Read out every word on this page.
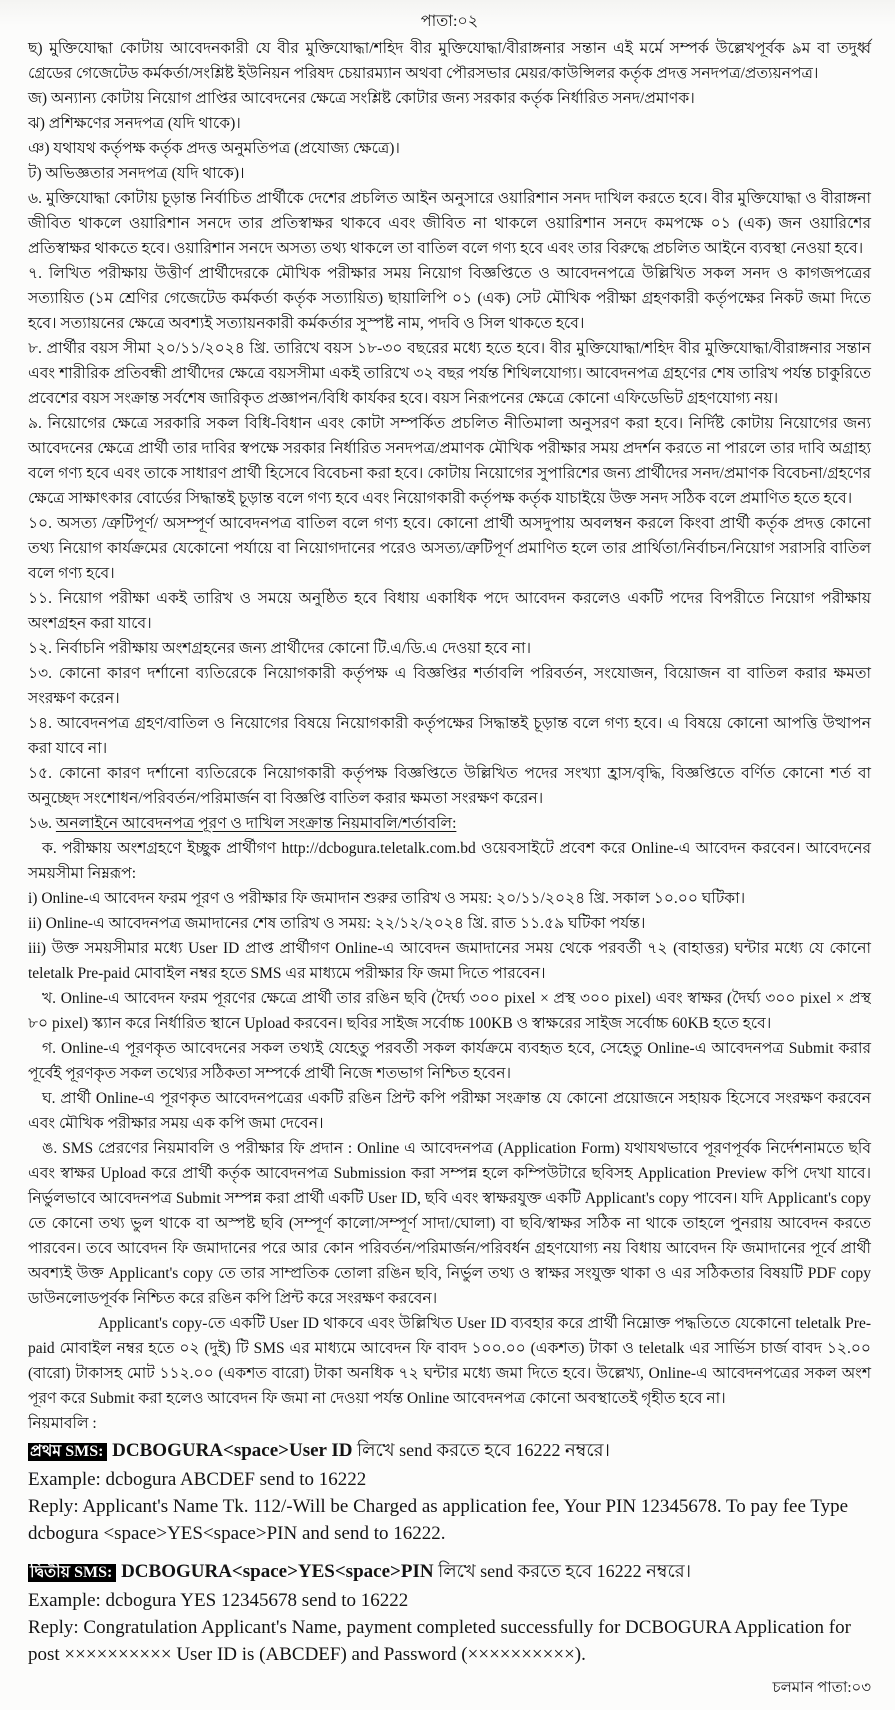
পাতা:০২
ছ) মুক্তিযোদ্ধা কোটায় আবেদনকারী যে বীর মুক্তিযোদ্ধা/শহিদ বীর মুক্তিযোদ্ধা/বীরাঙ্গনার সন্তান এই মর্মে সম্পর্ক উল্লেখপূর্বক ৯ম বা তদুর্ধ্ব গ্রেডের গেজেটেড কর্মকর্তা/সংশ্লিষ্ট ইউনিয়ন পরিষদ চেয়ারম্যান অথবা পৌরসভার মেয়র/কাউন্সিলর কর্তৃক প্রদত্ত সনদপত্র/প্রত্যয়নপত্র।
জ) অন্যান্য কোটায় নিয়োগ প্রাপ্তির আবেদনের ক্ষেত্রে সংশ্লিষ্ট কোটার জন্য সরকার কর্তৃক নির্ধারিত সনদ/প্রমাণক।
ঝ) প্রশিক্ষণের সনদপত্র (যদি থাকে)।
ঞ) যথাযথ কর্তৃপক্ষ কর্তৃক প্রদত্ত অনুমতিপত্র (প্রযোজ্য ক্ষেত্রে)।
ট) অভিজ্ঞতার সনদপত্র (যদি থাকে)।
৬. মুক্তিযোদ্ধা কোটায় চূড়ান্ত নির্বাচিত প্রার্থীকে দেশের প্রচলিত আইন অনুসারে ওয়ারিশান সনদ দাখিল করতে হবে। বীর মুক্তিযোদ্ধা ও বীরাঙ্গনা জীবিত থাকলে ওয়ারিশান সনদে তার প্রতিস্বাক্ষর থাকবে এবং জীবিত না থাকলে ওয়ারিশান সনদে কমপক্ষে ০১ (এক) জন ওয়ারিশের প্রতিস্বাক্ষর থাকতে হবে। ওয়ারিশান সনদে অসত্য তথ্য থাকলে তা বাতিল বলে গণ্য হবে এবং তার বিরুদ্ধে প্রচলিত আইনে ব্যবস্থা নেওয়া হবে।
৭. লিখিত পরীক্ষায় উত্তীর্ণ প্রার্থীদেরকে মৌখিক পরীক্ষার সময় নিয়োগ বিজ্ঞপ্তিতে ও আবেদনপত্রে উল্লিখিত সকল সনদ ও কাগজপত্রের সত্যায়িত (১ম শ্রেণির গেজেটেড কর্মকর্তা কর্তৃক সত্যায়িত) ছায়ালিপি ০১ (এক) সেট মৌখিক পরীক্ষা গ্রহণকারী কর্তৃপক্ষের নিকট জমা দিতে হবে। সত্যায়নের ক্ষেত্রে অবশ্যই সত্যায়নকারী কর্মকর্তার সুস্পষ্ট নাম, পদবি ও সিল থাকতে হবে।
৮. প্রার্থীর বয়স সীমা ২০/১১/২০২৪ খ্রি. তারিখে বয়স ১৮-৩০ বছরের মধ্যে হতে হবে। বীর মুক্তিযোদ্ধা/শহিদ বীর মুক্তিযোদ্ধা/বীরাঙ্গনার সন্তান এবং শারীরিক প্রতিবন্ধী প্রার্থীদের ক্ষেত্রে বয়সসীমা একই তারিখে ৩২ বছর পর্যন্ত শিথিলযোগ্য। আবেদনপত্র গ্রহণের শেষ তারিখ পর্যন্ত চাকুরিতে প্রবেশের বয়স সংক্রান্ত সর্বশেষ জারিকৃত প্রজ্ঞাপন/বিধি কার্যকর হবে। বয়স নিরূপনের ক্ষেত্রে কোনো এফিডেভিট গ্রহণযোগ্য নয়।
৯. নিয়োগের ক্ষেত্রে সরকারি সকল বিধি-বিধান এবং কোটা সম্পর্কিত প্রচলিত নীতিমালা অনুসরণ করা হবে। নির্দিষ্ট কোটায় নিয়োগের জন্য আবেদনের ক্ষেত্রে প্রার্থী তার দাবির স্বপক্ষে সরকার নির্ধারিত সনদপত্র/প্রমাণক মৌখিক পরীক্ষার সময় প্রদর্শন করতে না পারলে তার দাবি অগ্রাহ্য বলে গণ্য হবে এবং তাকে সাধারণ প্রার্থী হিসেবে বিবেচনা করা হবে। কোটায় নিয়োগের সুপারিশের জন্য প্রার্থীদের সনদ/প্রমাণক বিবেচনা/গ্রহণের ক্ষেত্রে সাক্ষাৎকার বোর্ডের সিদ্ধান্তই চূড়ান্ত বলে গণ্য হবে এবং নিয়োগকারী কর্তৃপক্ষ কর্তৃক যাচাইয়ে উক্ত সনদ সঠিক বলে প্রমাণিত হতে হবে।
১০. অসত্য /ত্রুটিপূর্ণ/ অসম্পূর্ণ আবেদনপত্র বাতিল বলে গণ্য হবে। কোনো প্রার্থী অসদুপায় অবলম্বন করলে কিংবা প্রার্থী কর্তৃক প্রদত্ত কোনো তথ্য নিয়োগ কার্যক্রমের যেকোনো পর্যায়ে বা নিয়োগদানের পরেও অসত্য/ত্রুটিপূর্ণ প্রমাণিত হলে তার প্রার্থিতা/নির্বাচন/নিয়োগ সরাসরি বাতিল বলে গণ্য হবে।
১১. নিয়োগ পরীক্ষা একই তারিখ ও সময়ে অনুষ্ঠিত হবে বিধায় একাধিক পদে আবেদন করলেও একটি পদের বিপরীতে নিয়োগ পরীক্ষায় অংশগ্রহন করা যাবে।
১২. নির্বাচনি পরীক্ষায় অংশগ্রহনের জন্য প্রার্থীদের কোনো টি.এ/ডি.এ দেওয়া হবে না।
১৩. কোনো কারণ দর্শানো ব্যতিরেকে নিয়োগকারী কর্তৃপক্ষ এ বিজ্ঞপ্তির শর্তাবলি পরিবর্তন, সংযোজন, বিয়োজন বা বাতিল করার ক্ষমতা সংরক্ষণ করেন।
১৪. আবেদনপত্র গ্রহণ/বাতিল ও নিয়োগের বিষয়ে নিয়োগকারী কর্তৃপক্ষের সিদ্ধান্তই চূড়ান্ত বলে গণ্য হবে। এ বিষয়ে কোনো আপত্তি উত্থাপন করা যাবে না।
১৫. কোনো কারণ দর্শানো ব্যতিরেকে নিয়োগকারী কর্তৃপক্ষ বিজ্ঞপ্তিতে উল্লিখিত পদের সংখ্যা হ্রাস/বৃদ্ধি, বিজ্ঞপ্তিতে বর্ণিত কোনো শর্ত বা অনুচ্ছেদ সংশোধন/পরিবর্তন/পরিমার্জন বা বিজ্ঞপ্তি বাতিল করার ক্ষমতা সংরক্ষণ করেন।
১৬. অনলাইনে আবেদনপত্র পূরণ ও দাখিল সংক্রান্ত নিয়মাবলি/শর্তাবলি:
ক. পরীক্ষায় অংশগ্রহণে ইচ্ছুক প্রার্থীগণ http://dcbogura.teletalk.com.bd ওয়েবসাইটে প্রবেশ করে Online-এ আবেদন করবেন। আবেদনের সময়সীমা নিম্নরূপ:
i) Online-এ আবেদন ফরম পূরণ ও পরীক্ষার ফি জমাদান শুরুর তারিখ ও সময়: ২০/১১/২০২৪ খ্রি. সকাল ১০.০০ ঘটিকা।
ii) Online-এ আবেদনপত্র জমাদানের শেষ তারিখ ও সময়: ২২/১২/২০২৪ খ্রি. রাত ১১.৫৯ ঘটিকা পর্যন্ত।
iii) উক্ত সময়সীমার মধ্যে User ID প্রাপ্ত প্রার্থীগণ Online-এ আবেদন জমাদানের সময় থেকে পরবর্তী ৭২ (বাহাত্তর) ঘন্টার মধ্যে যে কোনো teletalk Pre-paid মোবাইল নম্বর হতে SMS এর মাধ্যমে পরীক্ষার ফি জমা দিতে পারবেন।
খ. Online-এ আবেদন ফরম পূরণের ক্ষেত্রে প্রার্থী তার রঙিন ছবি (দৈর্ঘ্য ৩০০ pixel × প্রস্থ ৩০০ pixel) এবং স্বাক্ষর (দৈর্ঘ্য ৩০০ pixel × প্রস্থ ৮০ pixel) স্ক্যান করে নির্ধারিত স্থানে Upload করবেন। ছবির সাইজ সর্বোচ্চ 100KB ও স্বাক্ষরের সাইজ সর্বোচ্চ 60KB হতে হবে।
গ. Online-এ পূরণকৃত আবেদনের সকল তথ্যই যেহেতু পরবর্তী সকল কার্যক্রমে ব্যবহৃত হবে, সেহেতু Online-এ আবেদনপত্র Submit করার পূর্বেই পূরণকৃত সকল তথ্যের সঠিকতা সম্পর্কে প্রার্থী নিজে শতভাগ নিশ্চিত হবেন।
ঘ. প্রার্থী Online-এ পূরণকৃত আবেদনপত্রের একটি রঙিন প্রিন্ট কপি পরীক্ষা সংক্রান্ত যে কোনো প্রয়োজনে সহায়ক হিসেবে সংরক্ষণ করবেন এবং মৌখিক পরীক্ষার সময় এক কপি জমা দেবেন।
ঙ. SMS প্রেরণের নিয়মাবলি ও পরীক্ষার ফি প্রদান : Online এ আবেদনপত্র (Application Form) যথাযথভাবে পূরণপূর্বক নির্দেশনামতে ছবি এবং স্বাক্ষর Upload করে প্রার্থী কর্তৃক আবেদনপত্র Submission করা সম্পন্ন হলে কম্পিউটারে ছবিসহ Application Preview কপি দেখা যাবে। নির্ভুলভাবে আবেদনপত্র Submit সম্পন্ন করা প্রার্থী একটি User ID, ছবি এবং স্বাক্ষরযুক্ত একটি Applicant's copy পাবেন। যদি Applicant's copy তে কোনো তথ্য ভুল থাকে বা অস্পষ্ট ছবি (সম্পূর্ণ কালো/সম্পূর্ণ সাদা/ঘোলা) বা ছবি/স্বাক্ষর সঠিক না থাকে তাহলে পুনরায় আবেদন করতে পারবেন। তবে আবেদন ফি জমাদানের পরে আর কোন পরিবর্তন/পরিমার্জন/পরিবর্ধন গ্রহণযোগ্য নয় বিধায় আবেদন ফি জমাদানের পূর্বে প্রার্থী অবশ্যই উক্ত Applicant's copy তে তার সাম্প্রতিক তোলা রঙিন ছবি, নির্ভুল তথ্য ও স্বাক্ষর সংযুক্ত থাকা ও এর সঠিকতার বিষয়টি PDF copy ডাউনলোডপূর্বক নিশ্চিত করে রঙিন কপি প্রিন্ট করে সংরক্ষণ করবেন।
Applicant's copy-তে একটি User ID থাকবে এবং উল্লিখিত User ID ব্যবহার করে প্রার্থী নিম্নোক্ত পদ্ধতিতে যেকোনো teletalk Pre-paid মোবাইল নম্বর হতে ০২ (দুই) টি SMS এর মাধ্যমে আবেদন ফি বাবদ ১০০.০০ (একশত) টাকা ও teletalk এর সার্ভিস চার্জ বাবদ ১২.০০ (বারো) টাকাসহ মোট ১১২.০০ (একশত বারো) টাকা অনধিক ৭২ ঘন্টার মধ্যে জমা দিতে হবে। উল্লেখ্য, Online-এ আবেদনপত্রের সকল অংশ পূরণ করে Submit করা হলেও আবেদন ফি জমা না দেওয়া পর্যন্ত Online আবেদনপত্র কোনো অবস্থাতেই গৃহীত হবে না।
নিয়মাবলি :
প্রথম SMS: DCBOGURA<space>User ID লিখে send করতে হবে 16222 নম্বরে।
Example: dcbogura ABCDEF send to 16222
Reply: Applicant's Name Tk. 112/-Will be Charged as application fee, Your PIN 12345678. To pay fee Type dcbogura <space>YES<space>PIN and send to 16222.
দ্বিতীয় SMS: DCBOGURA<space>YES<space>PIN লিখে send করতে হবে 16222 নম্বরে।
Example: dcbogura YES 12345678 send to 16222
Reply: Congratulation Applicant's Name, payment completed successfully for DCBOGURA Application for post ×××××××××× User ID is (ABCDEF) and Password (××××××××××).
চলমান পাতা:০৩
